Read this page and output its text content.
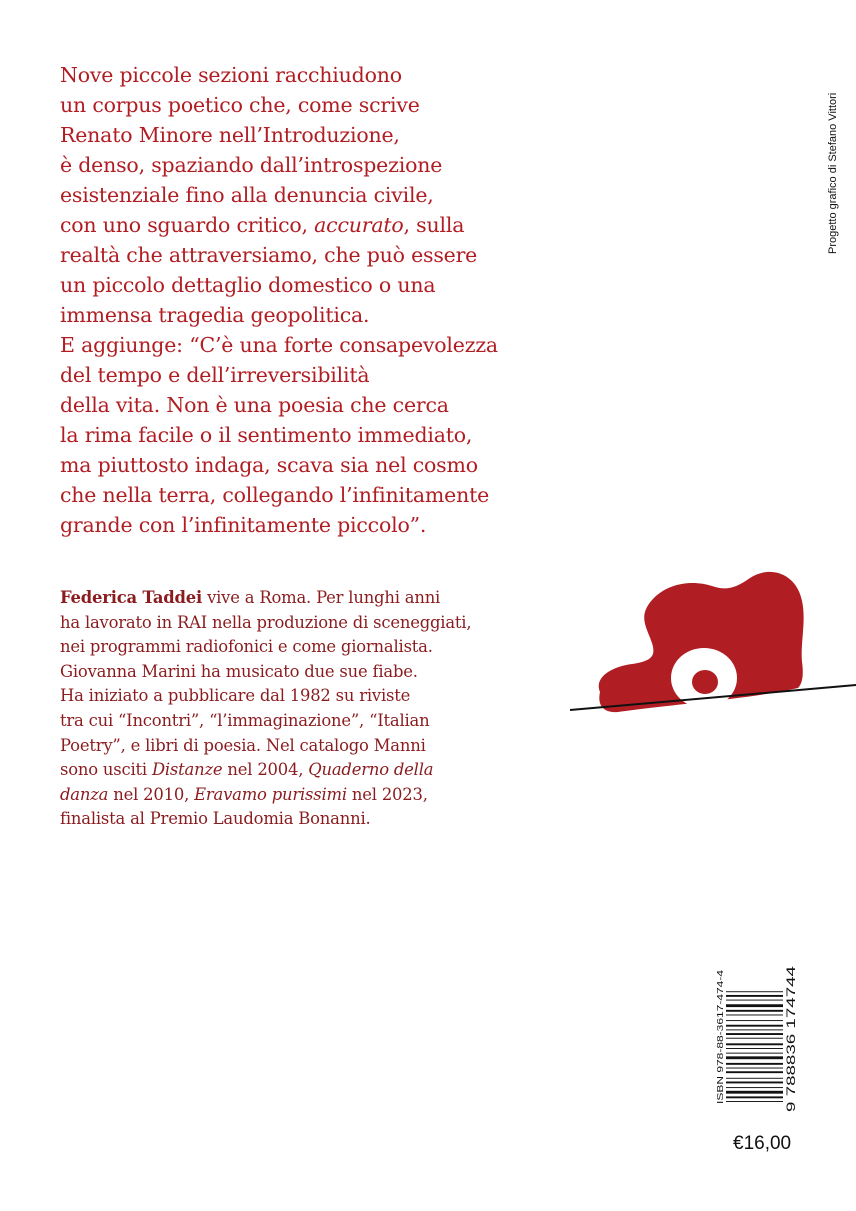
Nove piccole sezioni racchiudono
un corpus poetico che, come scrive
Renato Minore nell’Introduzione,
è denso, spaziando dall’introspezione
esistenziale fino alla denuncia civile,
con uno sguardo critico, accurato, sulla
realtà che attraversiamo, che può essere
un piccolo dettaglio domestico o una
immensa tragedia geopolitica.
E aggiunge: “C’è una forte consapevolezza
del tempo e dell’irreversibilità
della vita. Non è una poesia che cerca
la rima facile o il sentimento immediato,
ma piuttosto indaga, scava sia nel cosmo
che nella terra, collegando l’infinitamente
grande con l’infinitamente piccolo”.
Federica Taddei vive a Roma. Per lunghi anni
ha lavorato in RAI nella produzione di sceneggiati,
nei programmi radiofonici e come giornalista.
Giovanna Marini ha musicato due sue fiabe.
Ha iniziato a pubblicare dal 1982 su riviste
tra cui “Incontri”, “l’immaginazione”, “Italian
Poetry”, e libri di poesia. Nel catalogo Manni
sono usciti Distanze nel 2004, Quaderno della
danza nel 2010, Eravamo purissimi nel 2023,
finalista al Premio Laudomia Bonanni.
Progetto grafico di Stefano Vittori
ISBN 978-88-3617-474-4	9 788836 174744
€16,00
